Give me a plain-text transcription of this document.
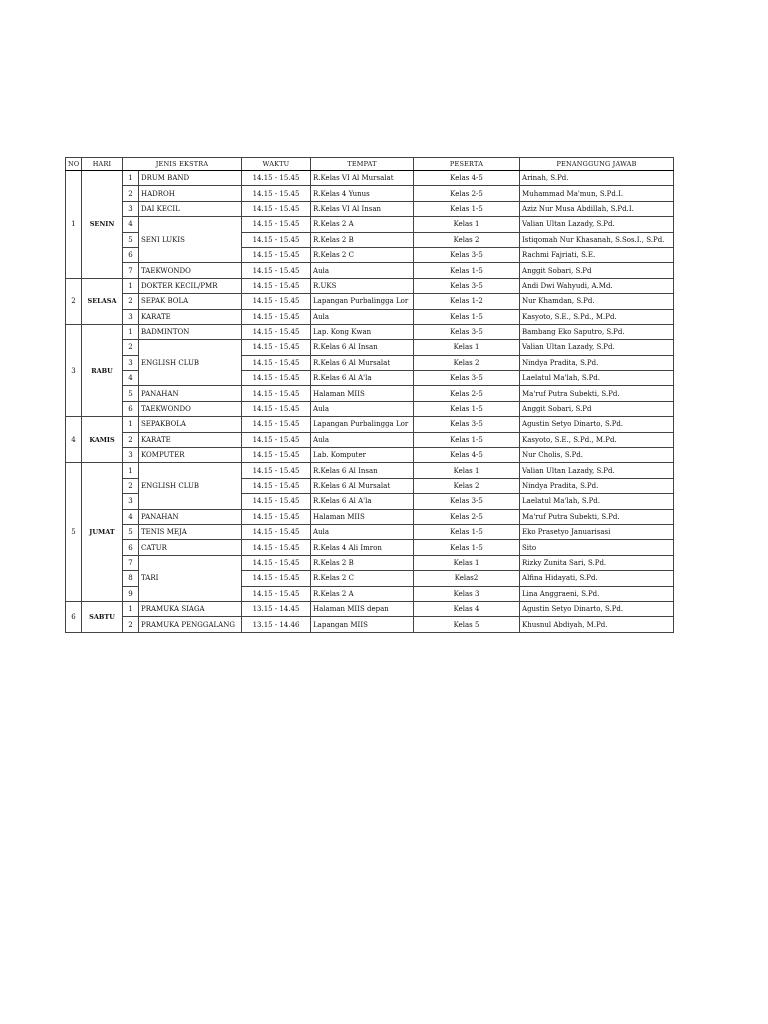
NO	HARI	JENIS EKSTRA		WAKTU	TEMPAT	PESERTA	PENANGGUNG JAWAB
1	SENIN	1	DRUM BAND	14.15 - 15.45	R.Kelas VI Al Mursalat	Kelas 4-5	Arinah, S.Pd.
		2	HADROH	14.15 - 15.45	R.Kelas 4 Yunus	Kelas 2-5	Muhammad Ma'mun, S.Pd.I.
		3	DAI KECIL	14.15 - 15.45	R.Kelas VI Al Insan	Kelas 1-5	Aziz Nur Musa Abdillah, S.Pd.I.
		4	SENI LUKIS	14.15 - 15.45	R.Kelas 2 A	Kelas 1	Valian Ultan Lazady, S.Pd.
		5		14.15 - 15.45	R.Kelas 2 B	Kelas 2	Istiqomah Nur Khasanah, S.Sos.I., S.Pd.
		6		14.15 - 15.45	R.Kelas 2 C	Kelas 3-5	Rachmi Fajriati, S.E.
		7	TAEKWONDO	14.15 - 15.45	Aula	Kelas 1-5	Anggit Sobari, S.Pd
2	SELASA	1	DOKTER KECIL/PMR	14.15 - 15.45	R.UKS	Kelas 3-5	Andi Dwi Wahyudi, A.Md.
		2	SEPAK BOLA	14.15 - 15.45	Lapangan Purbalingga Lor	Kelas 1-2	Nur Khamdan, S.Pd.
		3	KARATE	14.15 - 15.45	Aula	Kelas 1-5	Kasyoto, S.E., S.Pd., M.Pd.
3	RABU	1	BADMINTON	14.15 - 15.45	Lap. Kong Kwan	Kelas 3-5	Bambang Eko Saputro, S.Pd.
		2	ENGLISH CLUB	14.15 - 15.45	R.Kelas 6 Al Insan	Kelas 1	Valian Ultan Lazady, S.Pd.
		3		14.15 - 15.45	R.Kelas 6 Al Mursalat	Kelas 2	Nindya Pradita, S.Pd.
		4		14.15 - 15.45	R.Kelas 6 Al A'la	Kelas 3-5	Laelatul Ma'lah, S.Pd.
		5	PANAHAN	14.15 - 15.45	Halaman MIIS	Kelas 2-5	Ma'ruf Putra Subekti, S.Pd.
		6	TAEKWONDO	14.15 - 15.45	Aula	Kelas 1-5	Anggit Sobari, S.Pd
4	KAMIS	1	SEPAKBOLA	14.15 - 15.45	Lapangan Purbalingga Lor	Kelas 3-5	Agustin Setyo Dinarto, S.Pd.
		2	KARATE	14.15 - 15.45	Aula	Kelas 1-5	Kasyoto, S.E., S.Pd., M.Pd.
		3	KOMPUTER	14.15 - 15.45	Lab. Komputer	Kelas 4-5	Nur Cholis, S.Pd.
5	JUMAT	1	ENGLISH CLUB	14.15 - 15.45	R.Kelas 6 Al Insan	Kelas 1	Valian Ultan Lazady, S.Pd.
		2		14.15 - 15.45	R.Kelas 6 Al Mursalat	Kelas 2	Nindya Pradita, S.Pd.
		3		14.15 - 15.45	R.Kelas 6 Al A'la	Kelas 3-5	Laelatul Ma'lah, S.Pd.
		4	PANAHAN	14.15 - 15.45	Halaman MIIS	Kelas 2-5	Ma'ruf Putra Subekti, S.Pd.
		5	TENIS MEJA	14.15 - 15.45	Aula	Kelas 1-5	Eko Prasetyo Januarisasi
		6	CATUR	14.15 - 15.45	R.Kelas 4 Ali Imron	Kelas 1-5	Sito
		7	TARI	14.15 - 15.45	R.Kelas 2 B	Kelas 1	Rizky Zunita Sari, S.Pd.
		8		14.15 - 15.45	R.Kelas 2 C	Kelas2	Alfina Hidayati, S.Pd.
		9		14.15 - 15.45	R.Kelas 2 A	Kelas 3	Lina Anggraeni, S.Pd.
6	SABTU	1	PRAMUKA SIAGA	13.15 - 14.45	Halaman MIIS depan	Kelas 4	Agustin Setyo Dinarto, S.Pd.
		2	PRAMUKA PENGGALANG	13.15 - 14.46	Lapangan MIIS	Kelas 5	Khusnul Abdiyah, M.Pd.
